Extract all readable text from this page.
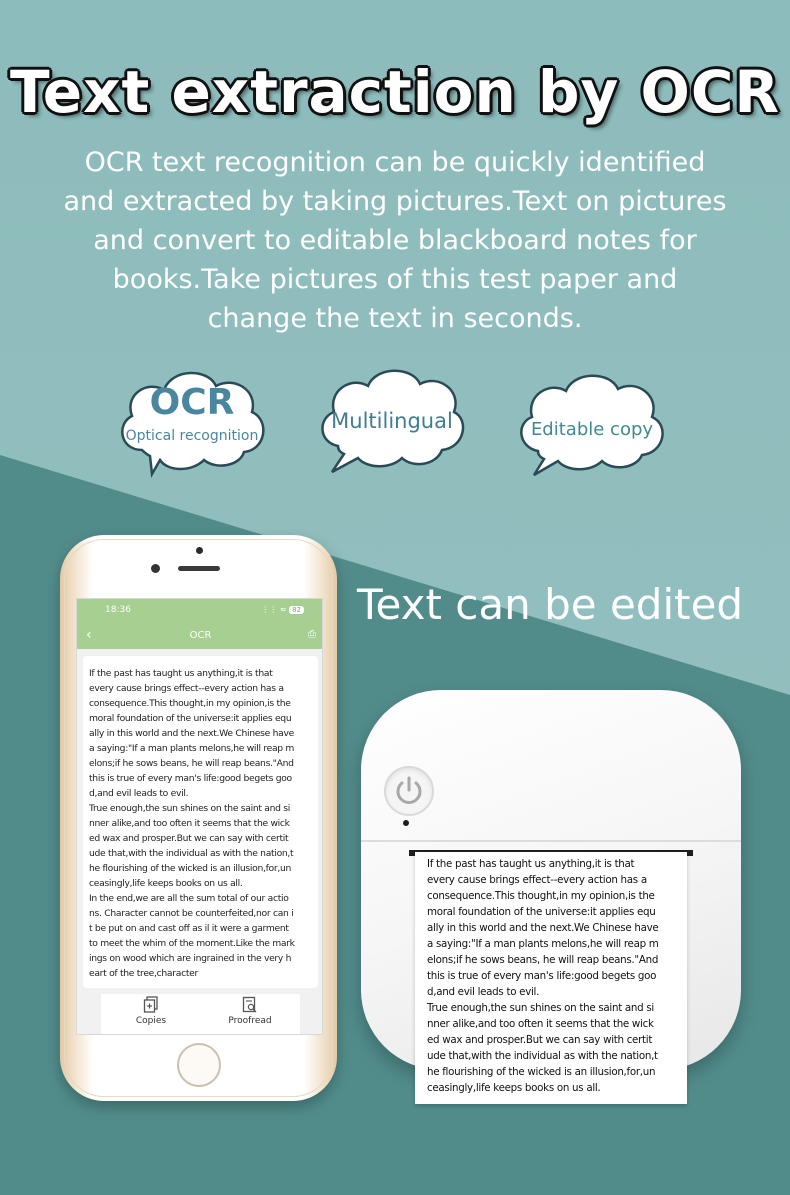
Text extraction by OCR
OCR text recognition can be quickly identified
and extracted by taking pictures.Text on pictures
and convert to editable blackboard notes for
books.Take pictures of this test paper and
change the text in seconds.
OCR
Optical recognition
Multilingual	Editable copy
Text can be edited
18:36	⋮⋮ ≈ 82
‹	OCR	⎙
If the past has taught us anything,it is that
every cause brings effect--every action has a
consequence.This thought,in my opinion,is the
moral foundation of the universe:it applies equ
ally in this world and the next.We Chinese have
a saying:"If a man plants melons,he will reap m
elons;if he sows beans, he will reap beans."And
this is true of every man's life:good begets goo
d,and evil leads to evil.
True enough,the sun shines on the saint and si
nner alike,and too often it seems that the wick
ed wax and prosper.But we can say with certit
ude that,with the individual as with the nation,t
he flourishing of the wicked is an illusion,for,un
ceasingly,life keeps books on us all.
In the end,we are all the sum total of our actio
ns. Character cannot be counterfeited,nor can i
t be put on and cast off as il it were a garment
to meet the whim of the moment.Like the mark
ings on wood which are ingrained in the very h
eart of the tree,character
Copies	Proofread
If the past has taught us anything,it is that
every cause brings effect--every action has a
consequence.This thought,in my opinion,is the
moral foundation of the universe:it applies equ
ally in this world and the next.We Chinese have
a saying:"If a man plants melons,he will reap m
elons;if he sows beans, he will reap beans."And
this is true of every man's life:good begets goo
d,and evil leads to evil.
True enough,the sun shines on the saint and si
nner alike,and too often it seems that the wick
ed wax and prosper.But we can say with certit
ude that,with the individual as with the nation,t
he flourishing of the wicked is an illusion,for,un
ceasingly,life keeps books on us all.
